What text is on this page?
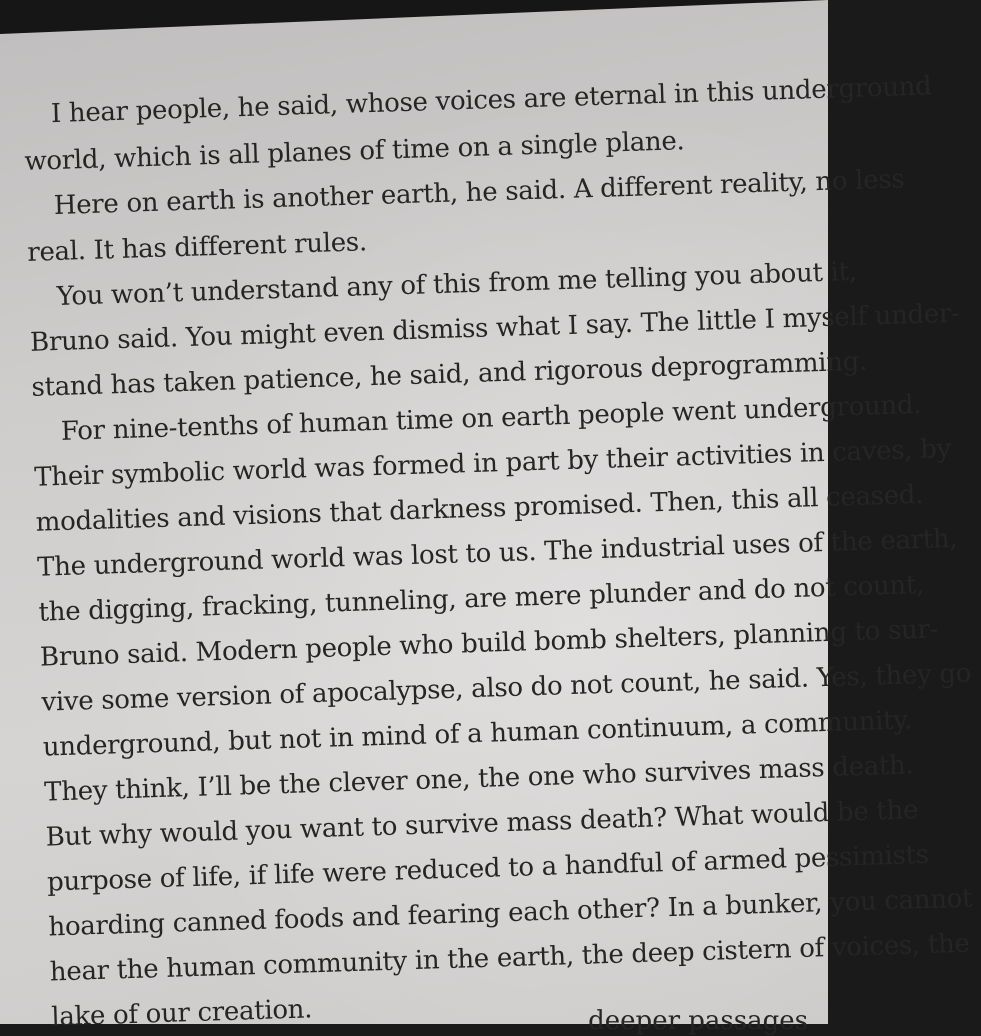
I hear people, he said, whose voices are eternal in this underground
world, which is all planes of time on a single plane.
Here on earth is another earth, he said. A different reality, no less
real. It has different rules.
You won’t understand any of this from me telling you about it,
Bruno said. You might even dismiss what I say. The little I myself under-
stand has taken patience, he said, and rigorous deprogramming.
For nine-tenths of human time on earth people went underground.
Their symbolic world was formed in part by their activities in caves, by
modalities and visions that darkness promised. Then, this all ceased.
The underground world was lost to us. The industrial uses of the earth,
the digging, fracking, tunneling, are mere plunder and do not count,
Bruno said. Modern people who build bomb shelters, planning to sur-
vive some version of apocalypse, also do not count, he said. Yes, they go
underground, but not in mind of a human continuum, a community.
They think, I’ll be the clever one, the one who survives mass death.
But why would you want to survive mass death? What would be the
purpose of life, if life were reduced to a handful of armed pessimists
hoarding canned foods and fearing each other? In a bunker, you cannot
hear the human community in the earth, the deep cistern of voices, the
lake of our creation.	deeper passages
